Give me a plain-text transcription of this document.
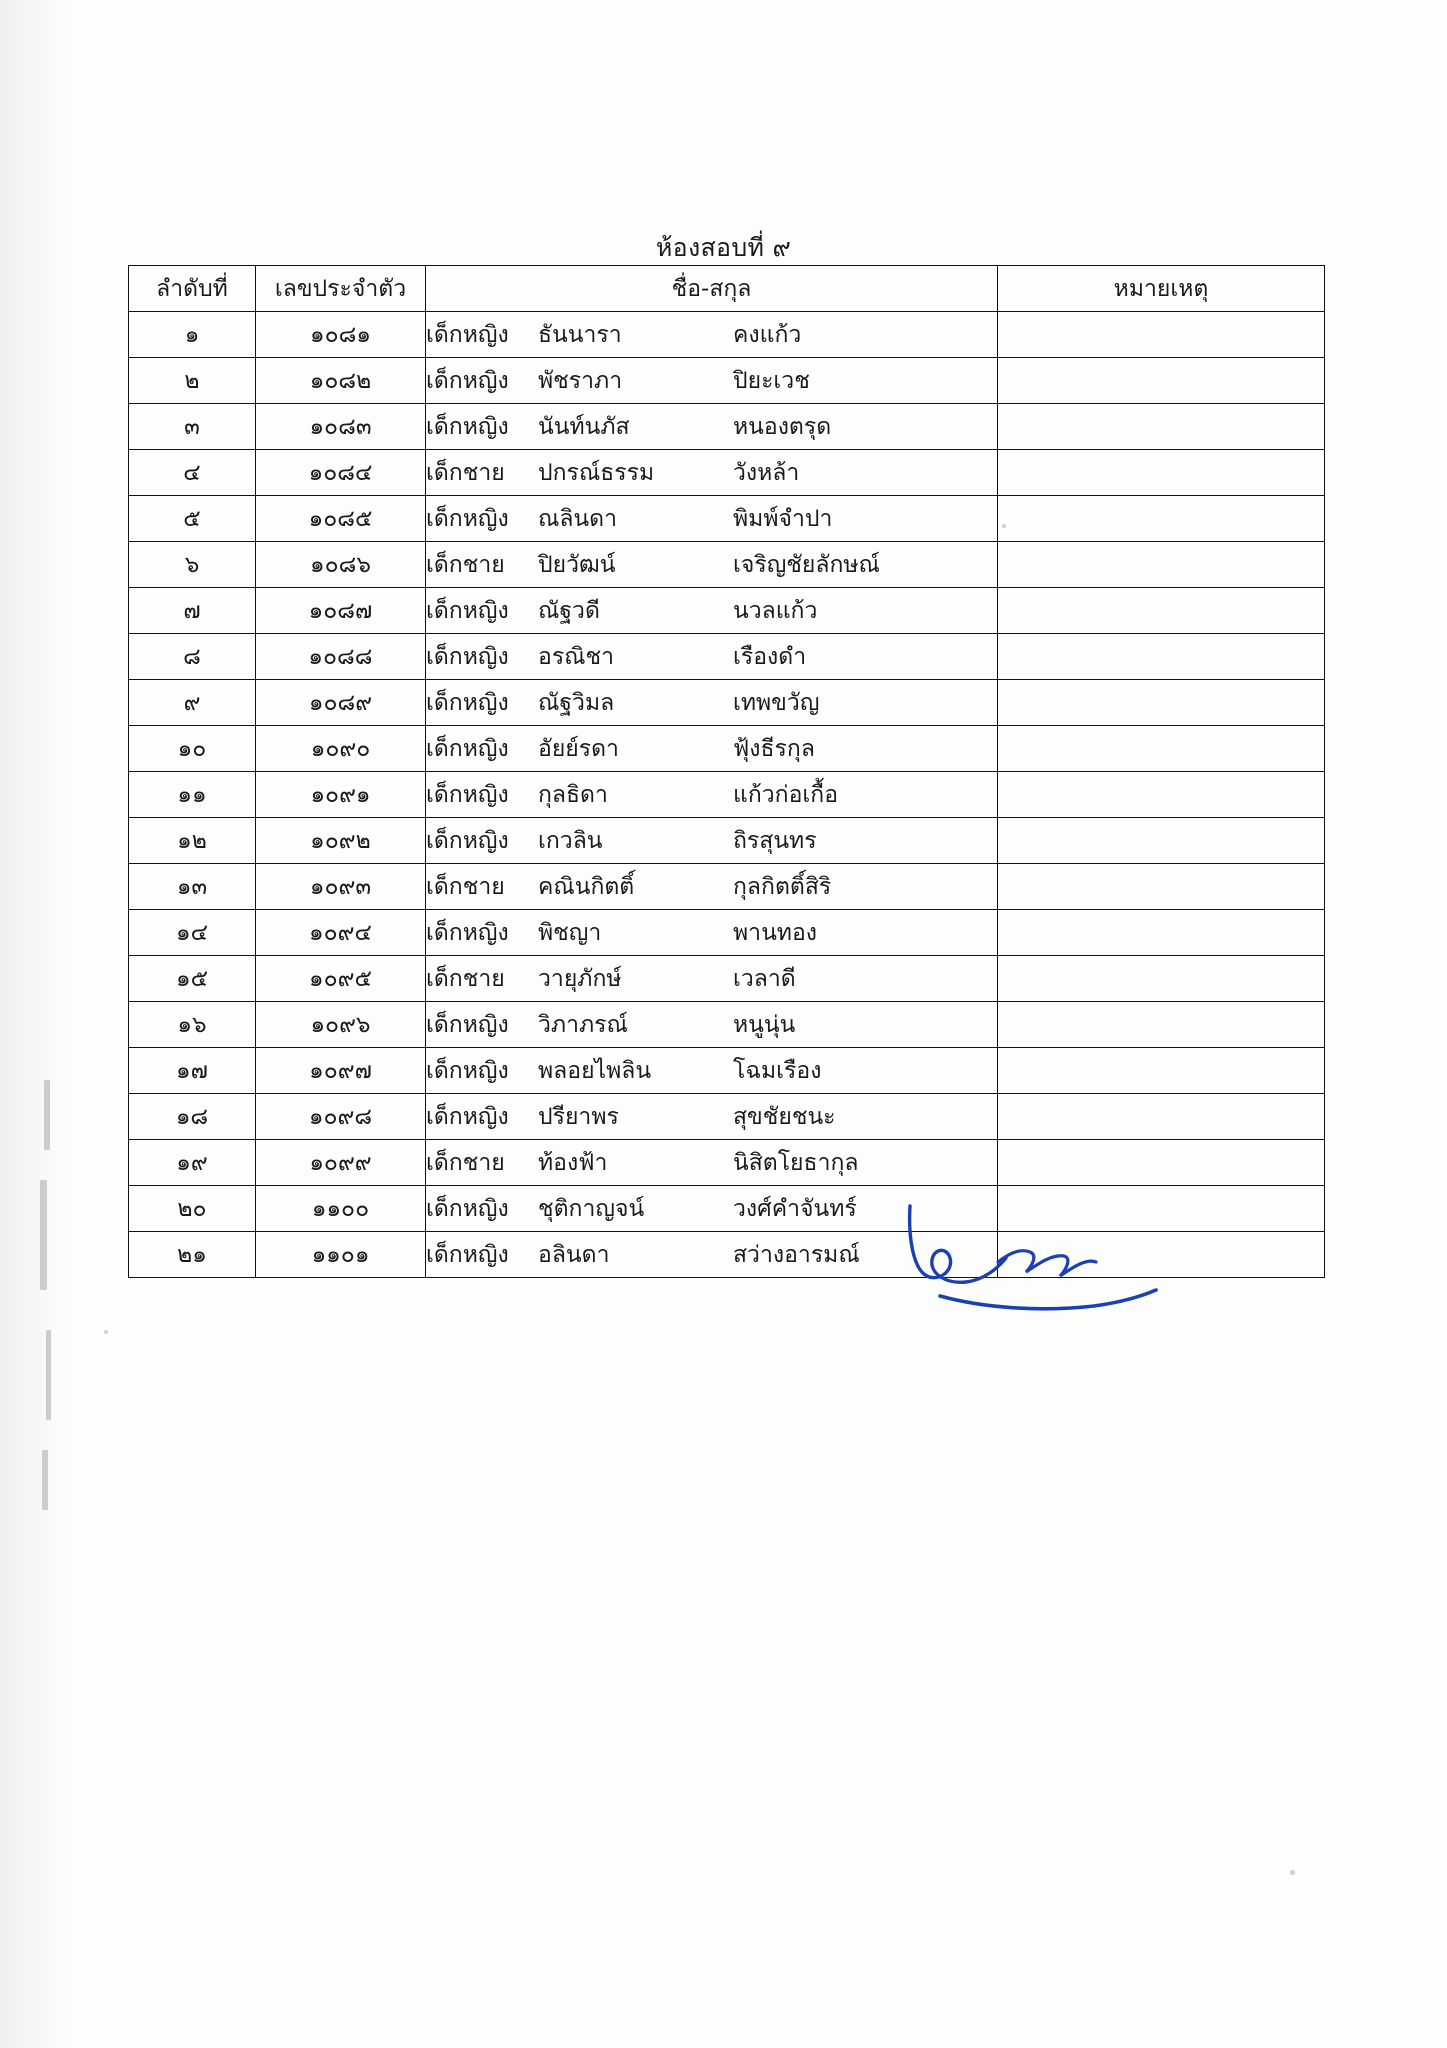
ห้องสอบที่ ๙
ลำดับที่	เลขประจำตัว	ชื่อ-สกุล	หมายเหตุ
๑	๑๐๘๑	เด็กหญิง ธันนารา คงแก้ว	

๒	๑๐๘๒	เด็กหญิง พัชราภา ปิยะเวช	

๓	๑๐๘๓	เด็กหญิง นันท์นภัส หนองตรุด	

๔	๑๐๘๔	เด็กชาย ปกรณ์ธรรม วังหล้า	

๕	๑๐๘๕	เด็กหญิง ณลินดา พิมพ์จำปา	

๖	๑๐๘๖	เด็กชาย ปิยวัฒน์ เจริญชัยลักษณ์	

๗	๑๐๘๗	เด็กหญิง ณัฐวดี นวลแก้ว	

๘	๑๐๘๘	เด็กหญิง อรณิชา เรืองดำ	

๙	๑๐๘๙	เด็กหญิง ณัฐวิมล เทพขวัญ	

๑๐	๑๐๙๐	เด็กหญิง อัยย์รดา ฟุ้งธีรกุล	

๑๑	๑๐๙๑	เด็กหญิง กุลธิดา แก้วก่อเกื้อ	

๑๒	๑๐๙๒	เด็กหญิง เกวลิน ถิรสุนทร	

๑๓	๑๐๙๓	เด็กชาย คณินกิตติ์ กุลกิตติ์สิริ	

๑๔	๑๐๙๔	เด็กหญิง พิชญา พานทอง	

๑๕	๑๐๙๕	เด็กชาย วายุภักษ์ เวลาดี	

๑๖	๑๐๙๖	เด็กหญิง วิภาภรณ์ หนูนุ่น	

๑๗	๑๐๙๗	เด็กหญิง พลอยไพลิน โฉมเรือง	

๑๘	๑๐๙๘	เด็กหญิง ปรียาพร สุขชัยชนะ	

๑๙	๑๐๙๙	เด็กชาย ท้องฟ้า นิสิตโยธากุล	

๒๐	๑๑๐๐	เด็กหญิง ชุติกาญจน์ วงศ์คำจันทร์	

๒๑	๑๑๐๑	เด็กหญิง อลินดา สว่างอารมณ์	
